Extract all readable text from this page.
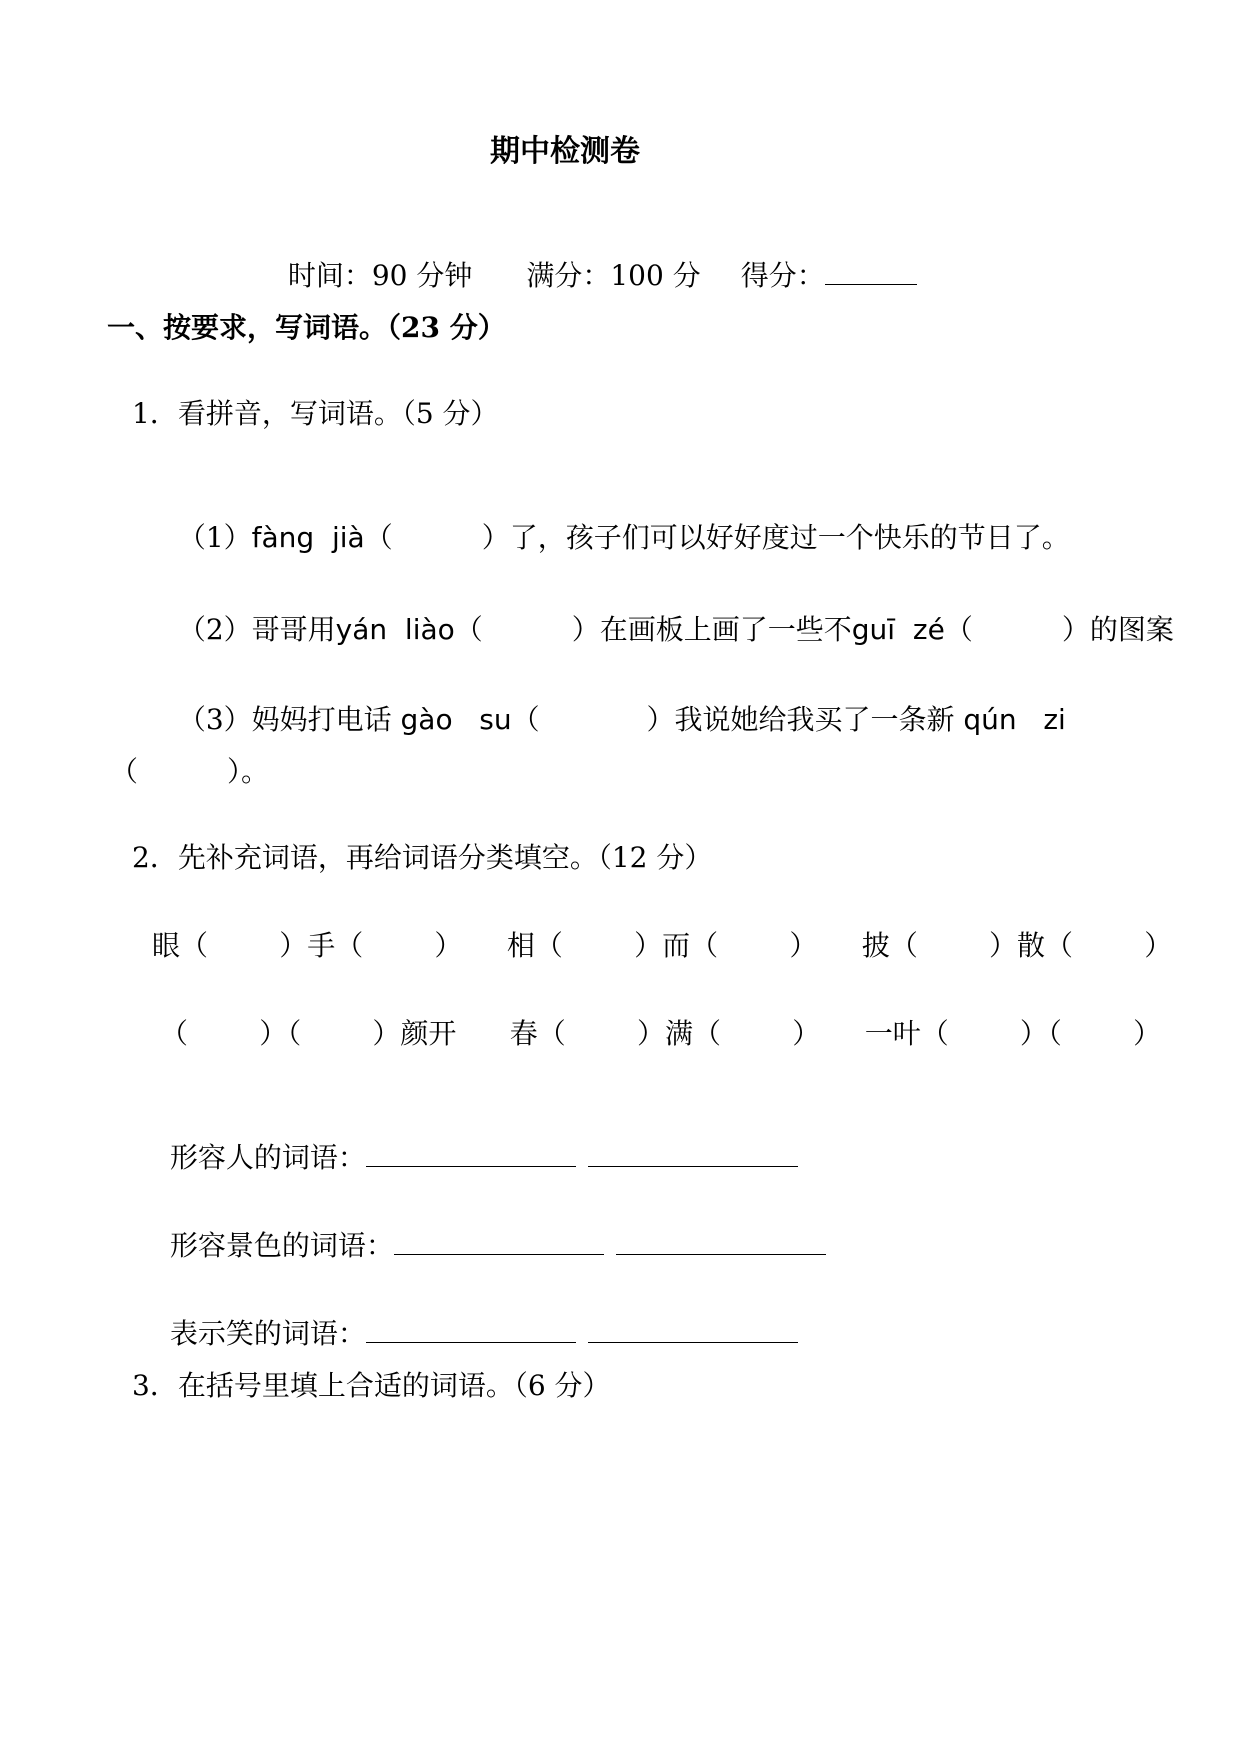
期中检测卷

时间：90 分钟 满分：100 分 得分：

一、按要求，写词语。（23 分）
1．看拼音，写词语。（5 分）

（1）fàng  jià（          ）了，孩子们可以好好度过一个快乐的节日了。

（2）哥哥用yán  liào（          ）在画板上画了一些不guī  zé（          ）的图案

（3）妈妈打电话 gào   su（            ）我说她给我买了一条新 qún   zi

（          ）。
2．先补充词语，再给词语分类填空。（12 分）
眼（        ）手（        ）     相（        ）而（        ）     披（        ）散（        ）
（        ）（        ）颜开      春（        ）满（        ）     一叶（        ）（        ）

形容人的词语：

形容景色的词语：

表示笑的词语：

3．在括号里填上合适的词语。（6 分）
